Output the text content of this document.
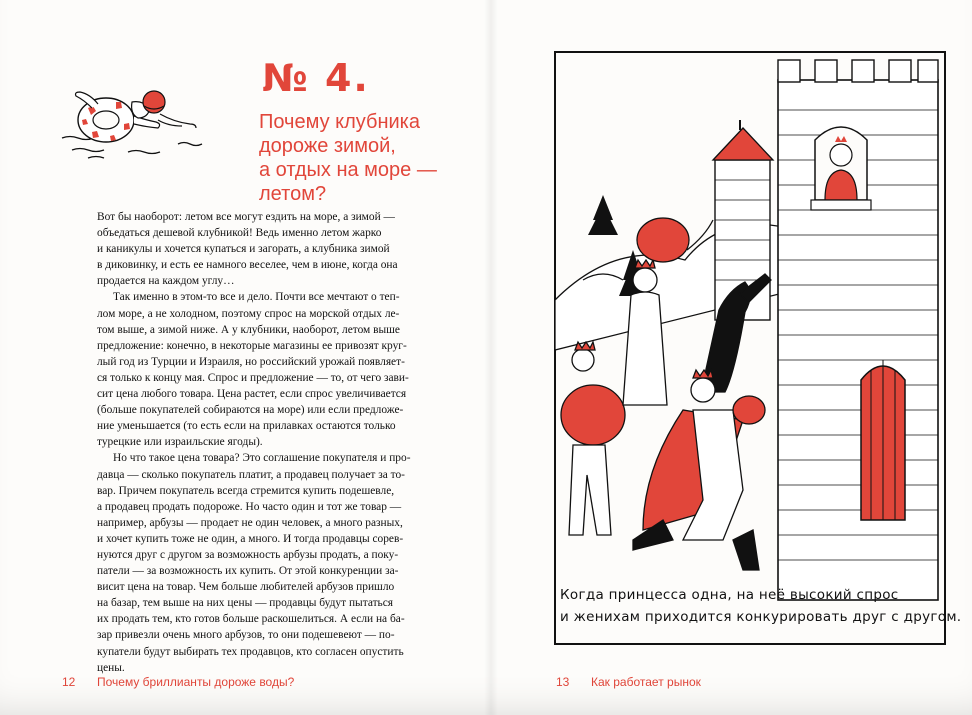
№ 4.
Почему клубника
дороже зимой,
а отдых на море —
летом?
Вот бы наоборот: летом все могут ездить на море, а зимой —
объедаться дешевой клубникой! Ведь именно летом жарко
и каникулы и хочется купаться и загорать, а клубника зимой
в диковинку, и есть ее намного веселее, чем в июне, когда она
продается на каждом углу…
Так именно в этом-то все и дело. Почти все мечтают о теп-
лом море, а не холодном, поэтому спрос на морской отдых ле-
том выше, а зимой ниже. А у клубники, наоборот, летом выше
предложение: конечно, в некоторые магазины ее привозят круг-
лый год из Турции и Израиля, но российский урожай появляет-
ся только к концу мая. Спрос и предложение — то, от чего зави-
сит цена любого товара. Цена растет, если спрос увеличивается
(больше покупателей собираются на море) или если предложе-
ние уменьшается (то есть если на прилавках остаются только
турецкие или израильские ягоды).
Но что такое цена товара? Это соглашение покупателя и про-
давца — сколько покупатель платит, а продавец получает за то-
вар. Причем покупатель всегда стремится купить подешевле,
а продавец продать подороже. Но часто один и тот же товар —
например, арбузы — продает не один человек, а много разных,
и хочет купить тоже не один, а много. И тогда продавцы сорев-
нуются друг с другом за возможность арбузы продать, а поку-
патели — за возможность их купить. От этой конкуренции за-
висит цена на товар. Чем больше любителей арбузов пришло
на базар, тем выше на них цены — продавцы будут пытаться
их продать тем, кто готов больше раскошелиться. А если на ба-
зар привезли очень много арбузов, то они подешевеют — по-
купатели будут выбирать тех продавцов, кто согласен опустить
цены.
12 Почему бриллианты дороже воды?
Когда принцесса одна, на неё высокий спрос
и женихам приходится конкурировать друг с другом.
13 Как работает рынок
